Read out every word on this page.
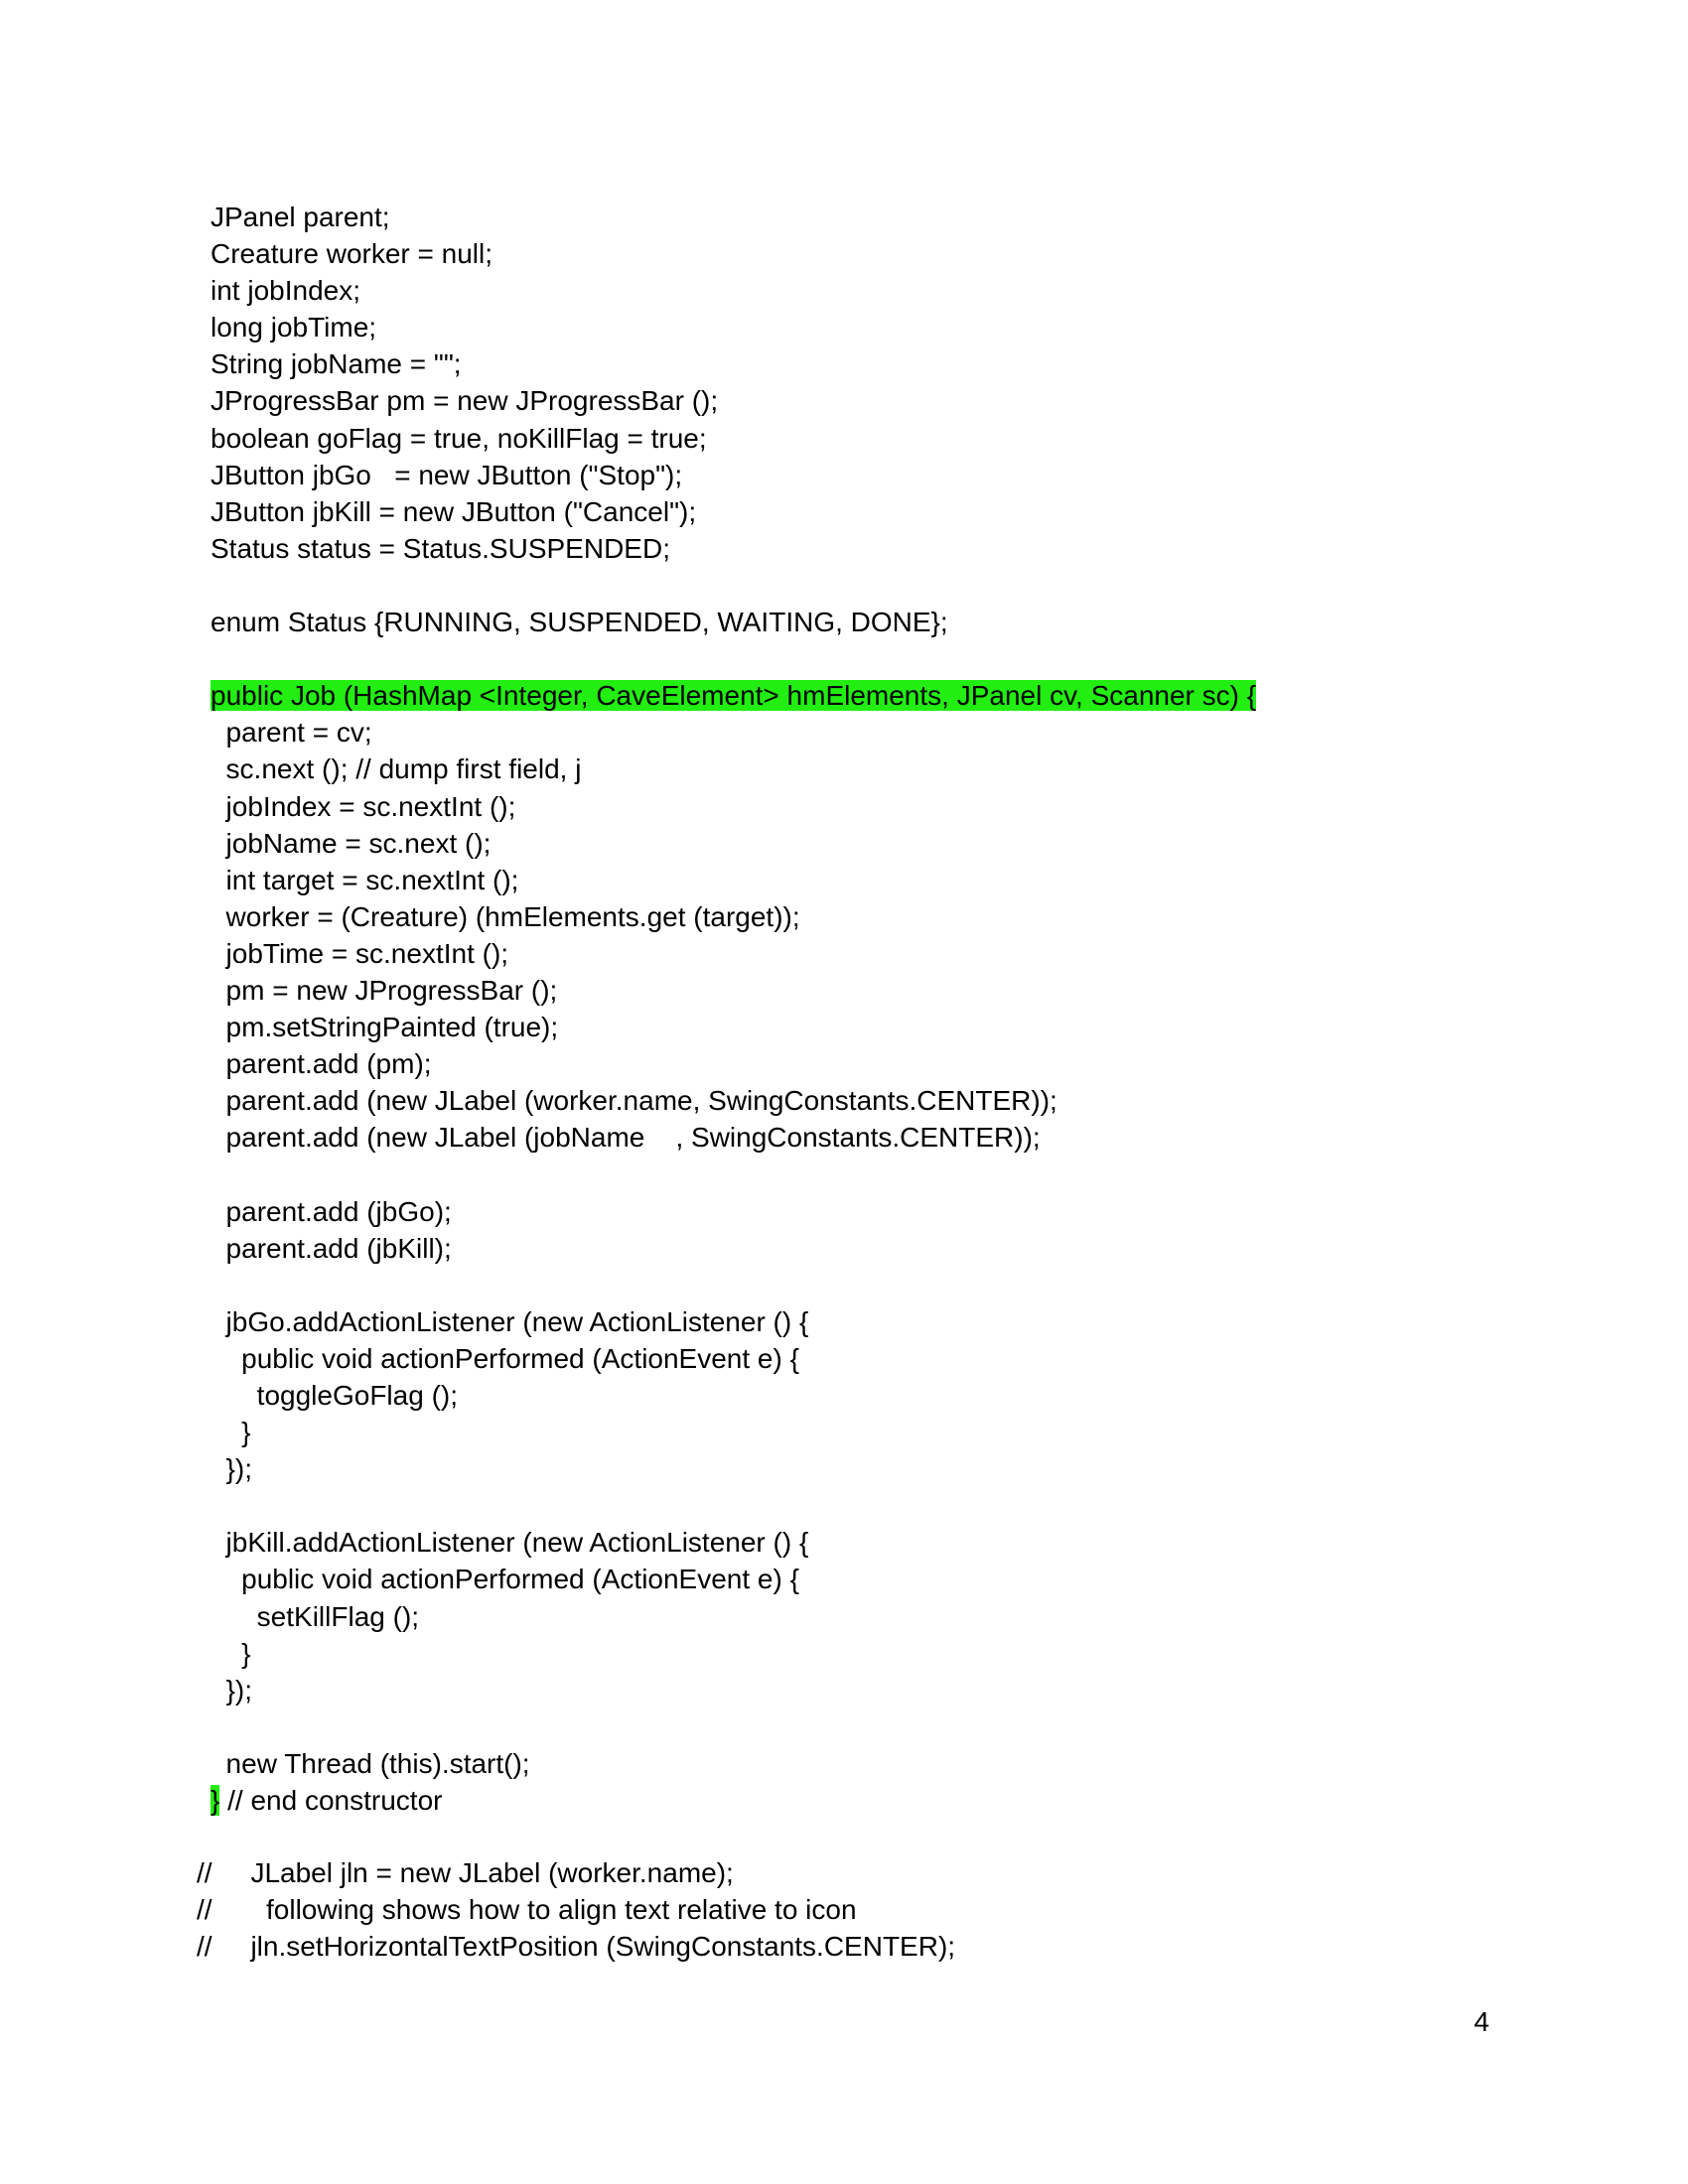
JPanel parent;
Creature worker = null;
int jobIndex;
long jobTime;
String jobName = "";
JProgressBar pm = new JProgressBar ();
boolean goFlag = true, noKillFlag = true;
JButton jbGo   = new JButton ("Stop");
JButton jbKill = new JButton ("Cancel");
Status status = Status.SUSPENDED;
enum Status {RUNNING, SUSPENDED, WAITING, DONE};
public Job (HashMap <Integer, CaveElement> hmElements, JPanel cv, Scanner sc) {
parent = cv;
sc.next (); // dump first field, j
jobIndex = sc.nextInt ();
jobName = sc.next ();
int target = sc.nextInt ();
worker = (Creature) (hmElements.get (target));
jobTime = sc.nextInt ();
pm = new JProgressBar ();
pm.setStringPainted (true);
parent.add (pm);
parent.add (new JLabel (worker.name, SwingConstants.CENTER));
parent.add (new JLabel (jobName    , SwingConstants.CENTER));
parent.add (jbGo);
parent.add (jbKill);
jbGo.addActionListener (new ActionListener () {
public void actionPerformed (ActionEvent e) {
toggleGoFlag ();
}
});
jbKill.addActionListener (new ActionListener () {
public void actionPerformed (ActionEvent e) {
setKillFlag ();
}
});
new Thread (this).start();
} // end constructor
//     JLabel jln = new JLabel (worker.name);
//       following shows how to align text relative to icon
//     jln.setHorizontalTextPosition (SwingConstants.CENTER);
4
